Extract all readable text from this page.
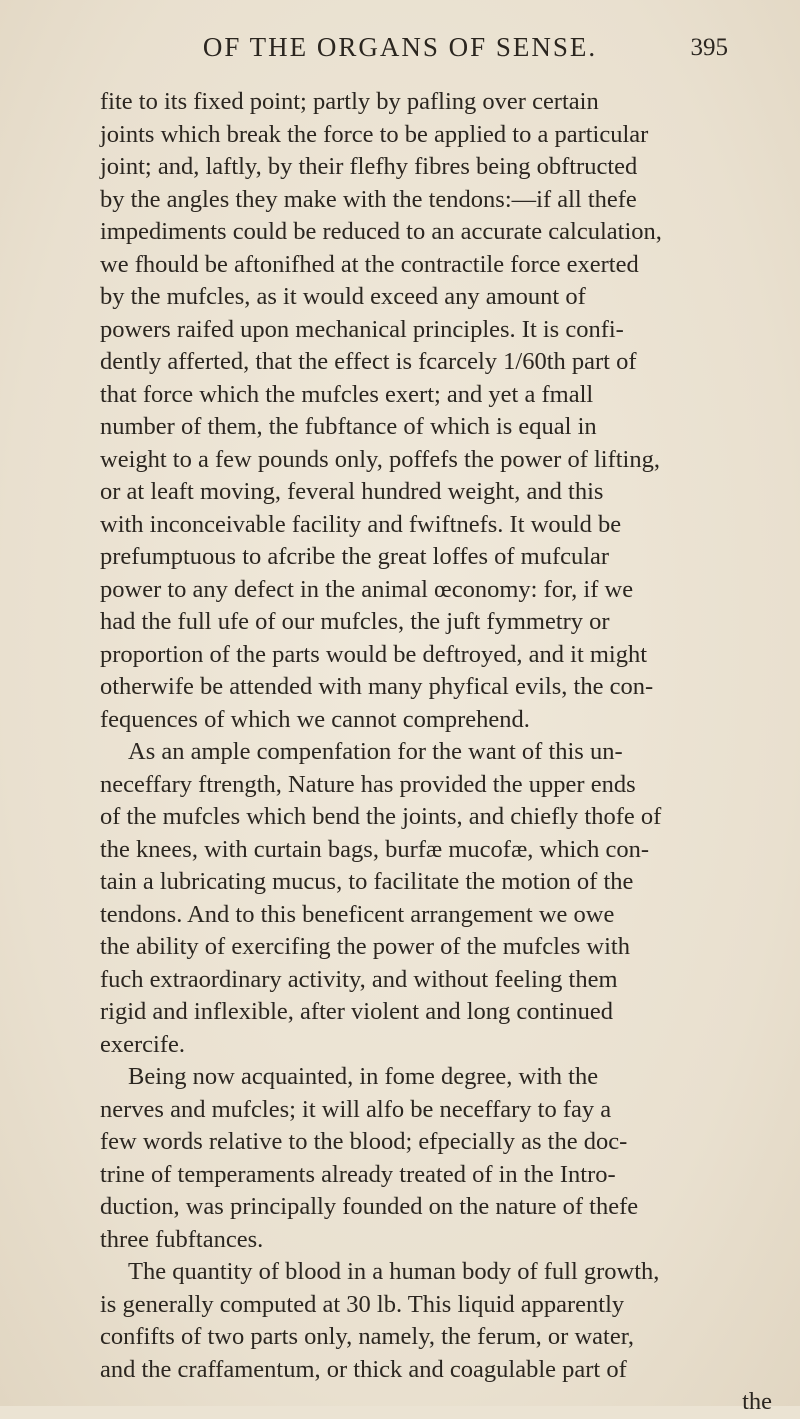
OF THE ORGANS OF SENSE.	395
fite to its fixed point; partly by pafling over certain
joints which break the force to be applied to a particular
joint; and, laftly, by their flefhy fibres being obftructed
by the angles they make with the tendons:—if all thefe
impediments could be reduced to an accurate calculation,
we fhould be aftonifhed at the contractile force exerted
by the mufcles, as it would exceed any amount of
powers raifed upon mechanical principles. It is confi-
dently afferted, that the effect is fcarcely 1/60th part of
that force which the mufcles exert; and yet a fmall
number of them, the fubftance of which is equal in
weight to a few pounds only, poffefs the power of lifting,
or at leaft moving, feveral hundred weight, and this
with inconceivable facility and fwiftnefs. It would be
prefumptuous to afcribe the great loffes of mufcular
power to any defect in the animal œconomy: for, if we
had the full ufe of our mufcles, the juft fymmetry or
proportion of the parts would be deftroyed, and it might
otherwife be attended with many phyfical evils, the con-
fequences of which we cannot comprehend.
As an ample compenfation for the want of this un-
neceffary ftrength, Nature has provided the upper ends
of the mufcles which bend the joints, and chiefly thofe of
the knees, with curtain bags, burfæ mucofæ, which con-
tain a lubricating mucus, to facilitate the motion of the
tendons. And to this beneficent arrangement we owe
the ability of exercifing the power of the mufcles with
fuch extraordinary activity, and without feeling them
rigid and inflexible, after violent and long continued
exercife.
Being now acquainted, in fome degree, with the
nerves and mufcles; it will alfo be neceffary to fay a
few words relative to the blood; efpecially as the doc-
trine of temperaments already treated of in the Intro-
duction, was principally founded on the nature of thefe
three fubftances.
The quantity of blood in a human body of full growth,
is generally computed at 30 lb. This liquid apparently
confifts of two parts only, namely, the ferum, or water,
and the craffamentum, or thick and coagulable part of
the
